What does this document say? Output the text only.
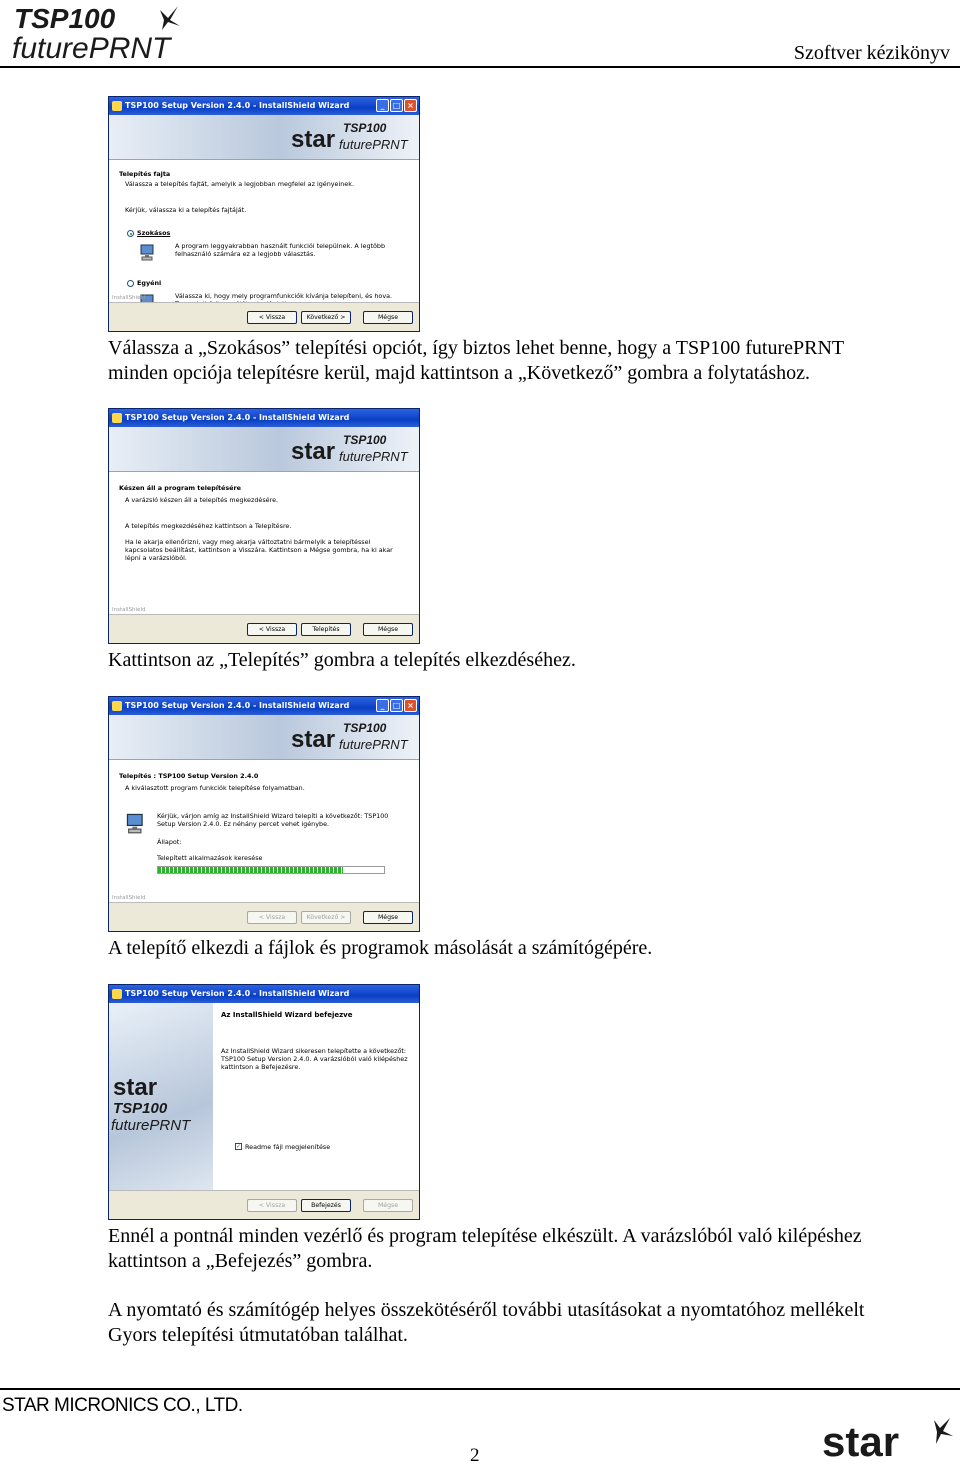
TSP100
futurePRNT	Szoftver kézikönyv
TSP100 Setup Version 2.4.0 - InstallShield Wizard	_	□ ×
star TSP100
futurePRNT
Telepítés fajta
Válassza a telepítés fajtát, amelyik a legjobban megfelel az igényeinek.
Kérjük, válassza ki a telepítés fajtáját.
Szokásos
A program leggyakrabban használt funkciói települnek. A legtöbb felhasználó számára ez a legjobb választás.
Egyéni
Válassza ki, hogy mely programfunkciók kívánja telepíteni, és hova.
InstallShield
< Vissza	Következő >	Mégse
Válassza a „Szokásos” telepítési opciót, így biztos lehet benne, hogy a TSP100 futurePRNT
minden opciója telepítésre kerül, majd kattintson a „Következő” gombra a folytatáshoz.
TSP100 Setup Version 2.4.0 - InstallShield Wizard
star TSP100
futurePRNT
Készen áll a program telepítésére
A varázsló készen áll a telepítés megkezdésére.
A telepítés megkezdéséhez kattintson a Telepítésre.
Ha le akarja ellenőrizni, vagy meg akarja változtatni bármelyik a telepítéssel kapcsolatos beállítást, kattintson a Visszára. Kattintson a Mégse gombra, ha ki akar lépni a varázslóból.
InstallShield
< Vissza	Telepítés	Mégse
Kattintson az „Telepítés” gombra a telepítés elkezdéséhez.
TSP100 Setup Version 2.4.0 - InstallShield Wizard	_	□ ×
star TSP100
futurePRNT
Telepítés : TSP100 Setup Version 2.4.0
A kiválasztott program funkciók telepítése folyamatban.
Kérjük, várjon amíg az InstallShield Wizard telepíti a következőt: TSP100 Setup Version 2.4.0. Ez néhány percet vehet igénybe.
Állapot:
Telepített alkalmazások keresése
InstallShield
< Vissza	Következő >	Mégse
A telepítő elkezdi a fájlok és programok másolását a számítógépére.
TSP100 Setup Version 2.4.0 - InstallShield Wizard
star
TSP100
futurePRNT
Az InstallShield Wizard befejezve
Az InstallShield Wizard sikeresen telepítette a következőt: TSP100 Setup Version 2.4.0. A varázslóból való kilépéshez kattintson a Befejezésre.
✓ Readme fájl megjelenítése
< Vissza	Befejezés	Mégse
Ennél a pontnál minden vezérlő és program telepítése elkészült. A varázslóból való kilépéshez
kattintson a „Befejezés” gombra.
A nyomtató és számítógép helyes összekötéséről további utasításokat a nyomtatóhoz mellékelt
Gyors telepítési útmutatóban találhat.
STAR MICRONICS CO., LTD.
2	star
